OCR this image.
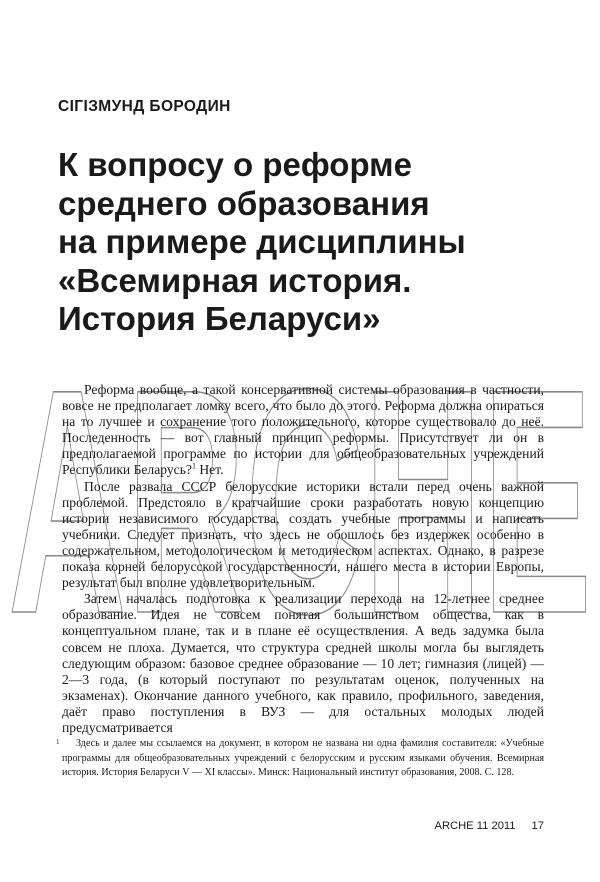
ARCHE
СІГІЗМУНД БОРОДИН
К вопросу о реформе
среднего образования
на примере дисциплины
«Всемирная история.
История Беларуси»

Реформа вообще, а такой консервативной системы образования в частности, вовсе не предполагает ломку всего, что было до этого. Реформа должна опираться на то лучшее и сохранение того положительного, которое существовало до неё. Последенность — вот главный принцип реформы. Присутствует ли он в предполагаемой программе по истории для общеобразовательных учреждений Республики Беларусь?$^1$ Нет.

После развала СССР белорусские историки встали перед очень важной проблемой. Предстояло в кратчайшие сроки разработать новую концепцию истории независимого государства, создать учебные программы и написать учебники. Следует признать, что здесь не обошлось без издержек особенно в содержательном, методологическом и методическом аспектах. Однако, в разрезе показа корней белорусской государственности, нашего места в истории Европы, результат был вполне удовлетворительным.

Затем началась подготовка к реализации перехода на 12-летнее среднее образование. Идея не совсем понятая большинством общества, как в концептуальном плане, так и в плане её осуществления. А ведь задумка была совсем не плоха. Думается, что структура средней школы могла бы выглядеть следующим образом: базовое среднее образование — 10 лет; гимназия (лицей) — 2—3 года, (в который поступают по результатам оценок, полученных на экзаменах). Окончание данного учебного, как правило, профильного, заведения, даёт право поступления в ВУЗ — для остальных молодых людей предусматривается

1	Здесь и далее мы ссылаемся на документ, в котором не названа ни одна фамилия составителя: «Учебные программы для общеобразовательных учреждений с белорусским и русским языками обучения. Всемирная история. История Беларуси V — XI классы». Минск: Национальный институт образования, 2008. С. 128.
ARCHE 11 2011 17
